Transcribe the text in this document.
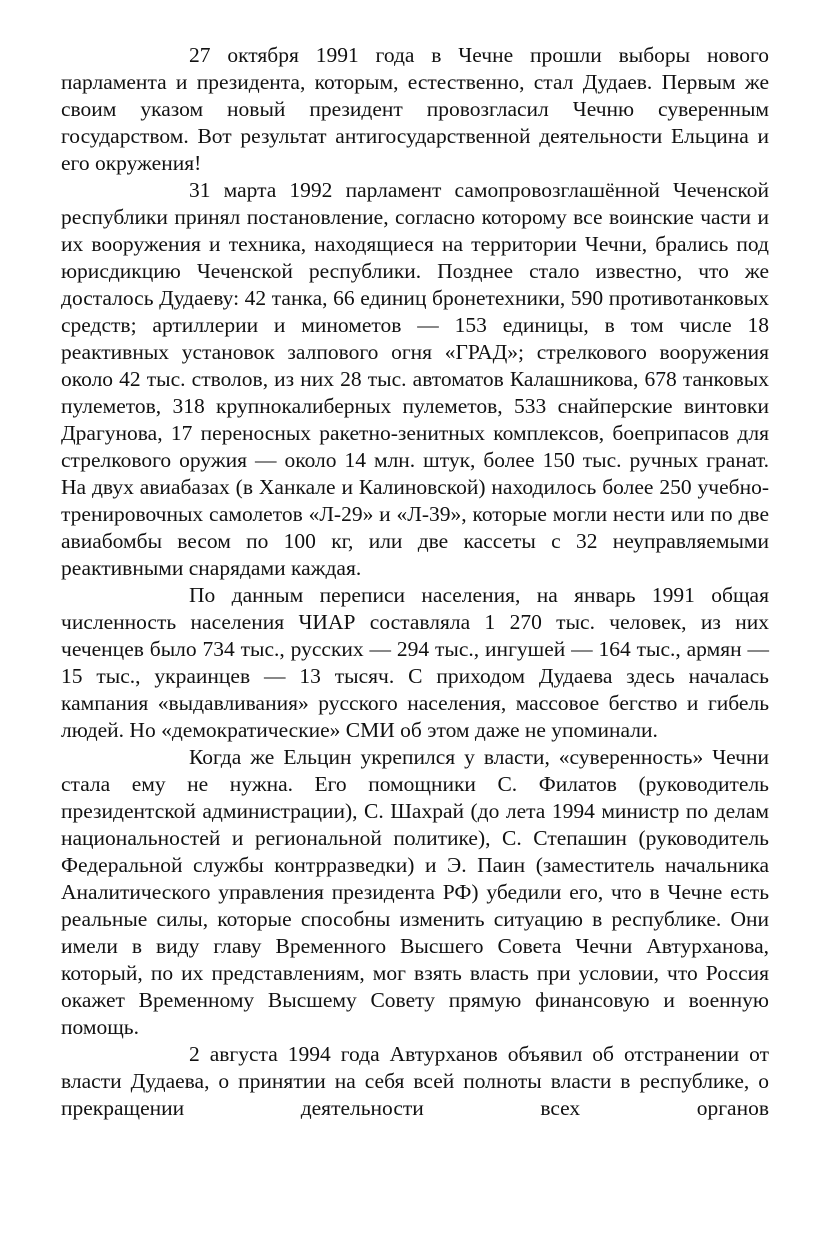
27 октября 1991 года в Чечне прошли выборы нового парламента и президента, которым, естественно, стал Дудаев. Первым же своим указом новый президент провозгласил Чечню суверенным государством. Вот результат антигосударственной деятельности Ельцина и его окружения!

31 марта 1992 парламент самопровозглашённой Чеченской республики принял постановление, согласно которому все воинские части и их вооружения и техника, находящиеся на территории Чечни, брались под юрисдикцию Чеченской республики. Позднее стало известно, что же досталось Дудаеву: 42 танка, 66 единиц бронетехники, 590 противотанковых средств; артиллерии и минометов — 153 единицы, в том числе 18 реактивных установок залпового огня «ГРАД»; стрелкового вооружения около 42 тыс. стволов, из них 28 тыс. автоматов Калашникова, 678 танковых пулеметов, 318 крупнокалиберных пулеметов, 533 снайперские винтовки Драгунова, 17 переносных ракетно-зенитных комплексов, боеприпасов для стрелкового оружия — около 14 млн. штук, более 150 тыс. ручных гранат. На двух авиабазах (в Ханкале и Калиновской) находилось более 250 учебно-тренировочных самолетов «Л-29» и «Л-39», которые могли нести или по две авиабомбы весом по 100 кг, или две кассеты с 32 неуправляемыми реактивными снарядами каждая.

По данным переписи населения, на январь 1991 общая численность населения ЧИАР составляла 1 270 тыс. человек, из них чеченцев было 734 тыс., русских — 294 тыс., ингушей — 164 тыс., армян — 15 тыс., украинцев — 13 тысяч. С приходом Дудаева здесь началась кампания «выдавливания» русского населения, массовое бегство и гибель людей. Но «демократические» СМИ об этом даже не упоминали.

Когда же Ельцин укрепился у власти, «суверенность» Чечни стала ему не нужна. Его помощники С. Филатов (руководитель президентской администрации), С. Шахрай (до лета 1994 министр по делам национальностей и региональной политике), С. Степашин (руководитель Федеральной службы контрразведки) и Э. Паин (заместитель начальника Аналитического управления президента РФ) убедили его, что в Чечне есть реальные силы, которые способны изменить ситуацию в республике. Они имели в виду главу Временного Высшего Совета Чечни Автурханова, который, по их представлениям, мог взять власть при условии, что Россия окажет Временному Высшему Совету прямую финансовую и военную помощь.

2 августа 1994 года Автурханов объявил об отстранении от власти Дудаева, о принятии на себя всей полноты власти в республике, о прекращении деятельности всех органов
